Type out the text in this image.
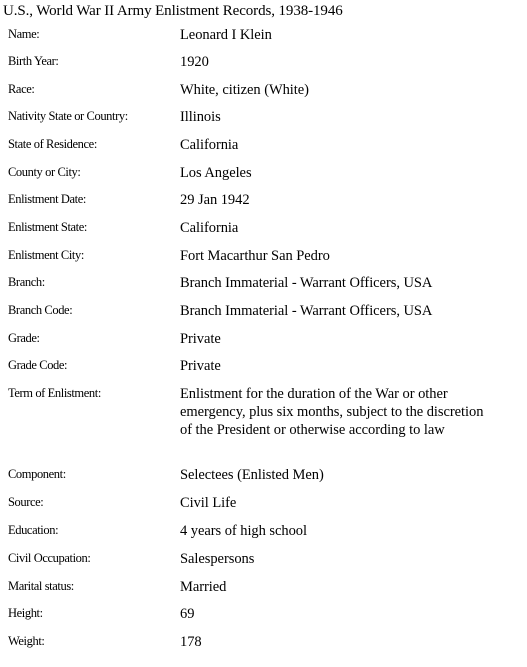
U.S., World War II Army Enlistment Records, 1938-1946
Name:	Leonard I Klein
Birth Year:	1920
Race:	White, citizen (White)
Nativity State or Country:	Illinois
State of Residence:	California
County or City:	Los Angeles
Enlistment Date:	29 Jan 1942
Enlistment State:	California
Enlistment City:	Fort Macarthur San Pedro
Branch:	Branch Immaterial - Warrant Officers, USA
Branch Code:	Branch Immaterial - Warrant Officers, USA
Grade:	Private
Grade Code:	Private
Term of Enlistment:	Enlistment for the duration of the War or other emergency, plus six months, subject to the discretion of the President or otherwise according to law
Component:	Selectees (Enlisted Men)
Source:	Civil Life
Education:	4 years of high school
Civil Occupation:	Salespersons
Marital status:	Married
Height:	69
Weight:	178
